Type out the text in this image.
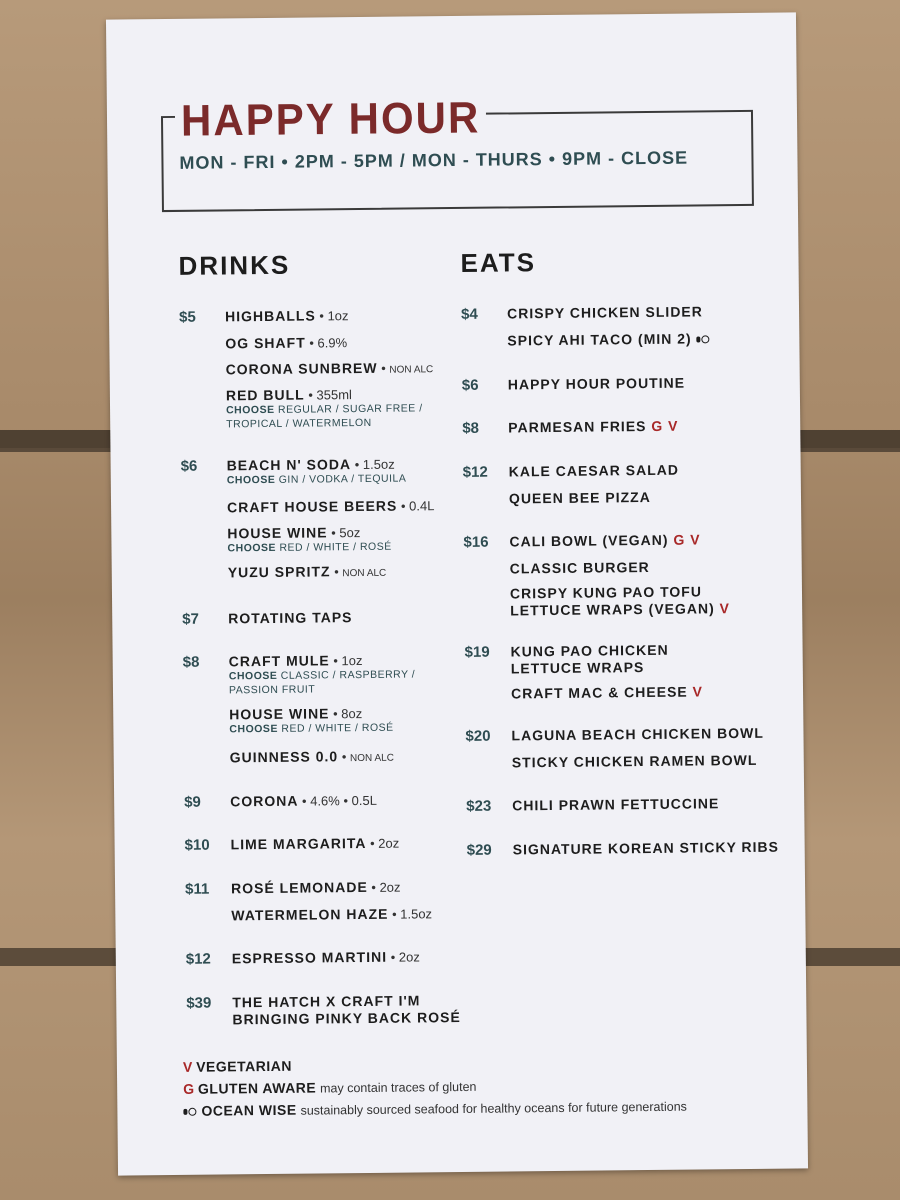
HAPPY HOUR
MON - FRI • 2PM - 5PM / MON - THURS • 9PM - CLOSE
DRINKS	EATS
$5 HIGHBALLS • 1oz
OG SHAFT • 6.9%
CORONA SUNBREW • NON ALC
RED BULL • 355ml
CHOOSE REGULAR / SUGAR FREE /
TROPICAL / WATERMELON
$6 BEACH N' SODA • 1.5oz
CHOOSE GIN / VODKA / TEQUILA
CRAFT HOUSE BEERS • 0.4L
HOUSE WINE • 5oz
CHOOSE RED / WHITE / ROSÉ
YUZU SPRITZ • NON ALC
$7 ROTATING TAPS
$8 CRAFT MULE • 1oz
CHOOSE CLASSIC / RASPBERRY /
PASSION FRUIT
HOUSE WINE • 8oz
CHOOSE RED / WHITE / ROSÉ
GUINNESS 0.0 • NON ALC
$9 CORONA • 4.6% • 0.5L
$10 LIME MARGARITA • 2oz
$11 ROSÉ LEMONADE • 2oz
WATERMELON HAZE • 1.5oz
$12 ESPRESSO MARTINI • 2oz
$39 THE HATCH X CRAFT I'M
BRINGING PINKY BACK ROSÉ
$4 CRISPY CHICKEN SLIDER
SPICY AHI TACO (MIN 2)
$6 HAPPY HOUR POUTINE
$8 PARMESAN FRIES G V
$12 KALE CAESAR SALAD
QUEEN BEE PIZZA
$16 CALI BOWL (VEGAN) G V
CLASSIC BURGER
CRISPY KUNG PAO TOFU
LETTUCE WRAPS (VEGAN) V
$19 KUNG PAO CHICKEN
LETTUCE WRAPS
CRAFT MAC & CHEESE V
$20 LAGUNA BEACH CHICKEN BOWL
STICKY CHICKEN RAMEN BOWL
$23 CHILI PRAWN FETTUCCINE
$29 SIGNATURE KOREAN STICKY RIBS
V VEGETARIAN
G GLUTEN AWARE may contain traces of gluten
OCEAN WISE sustainably sourced seafood for healthy oceans for future generations
